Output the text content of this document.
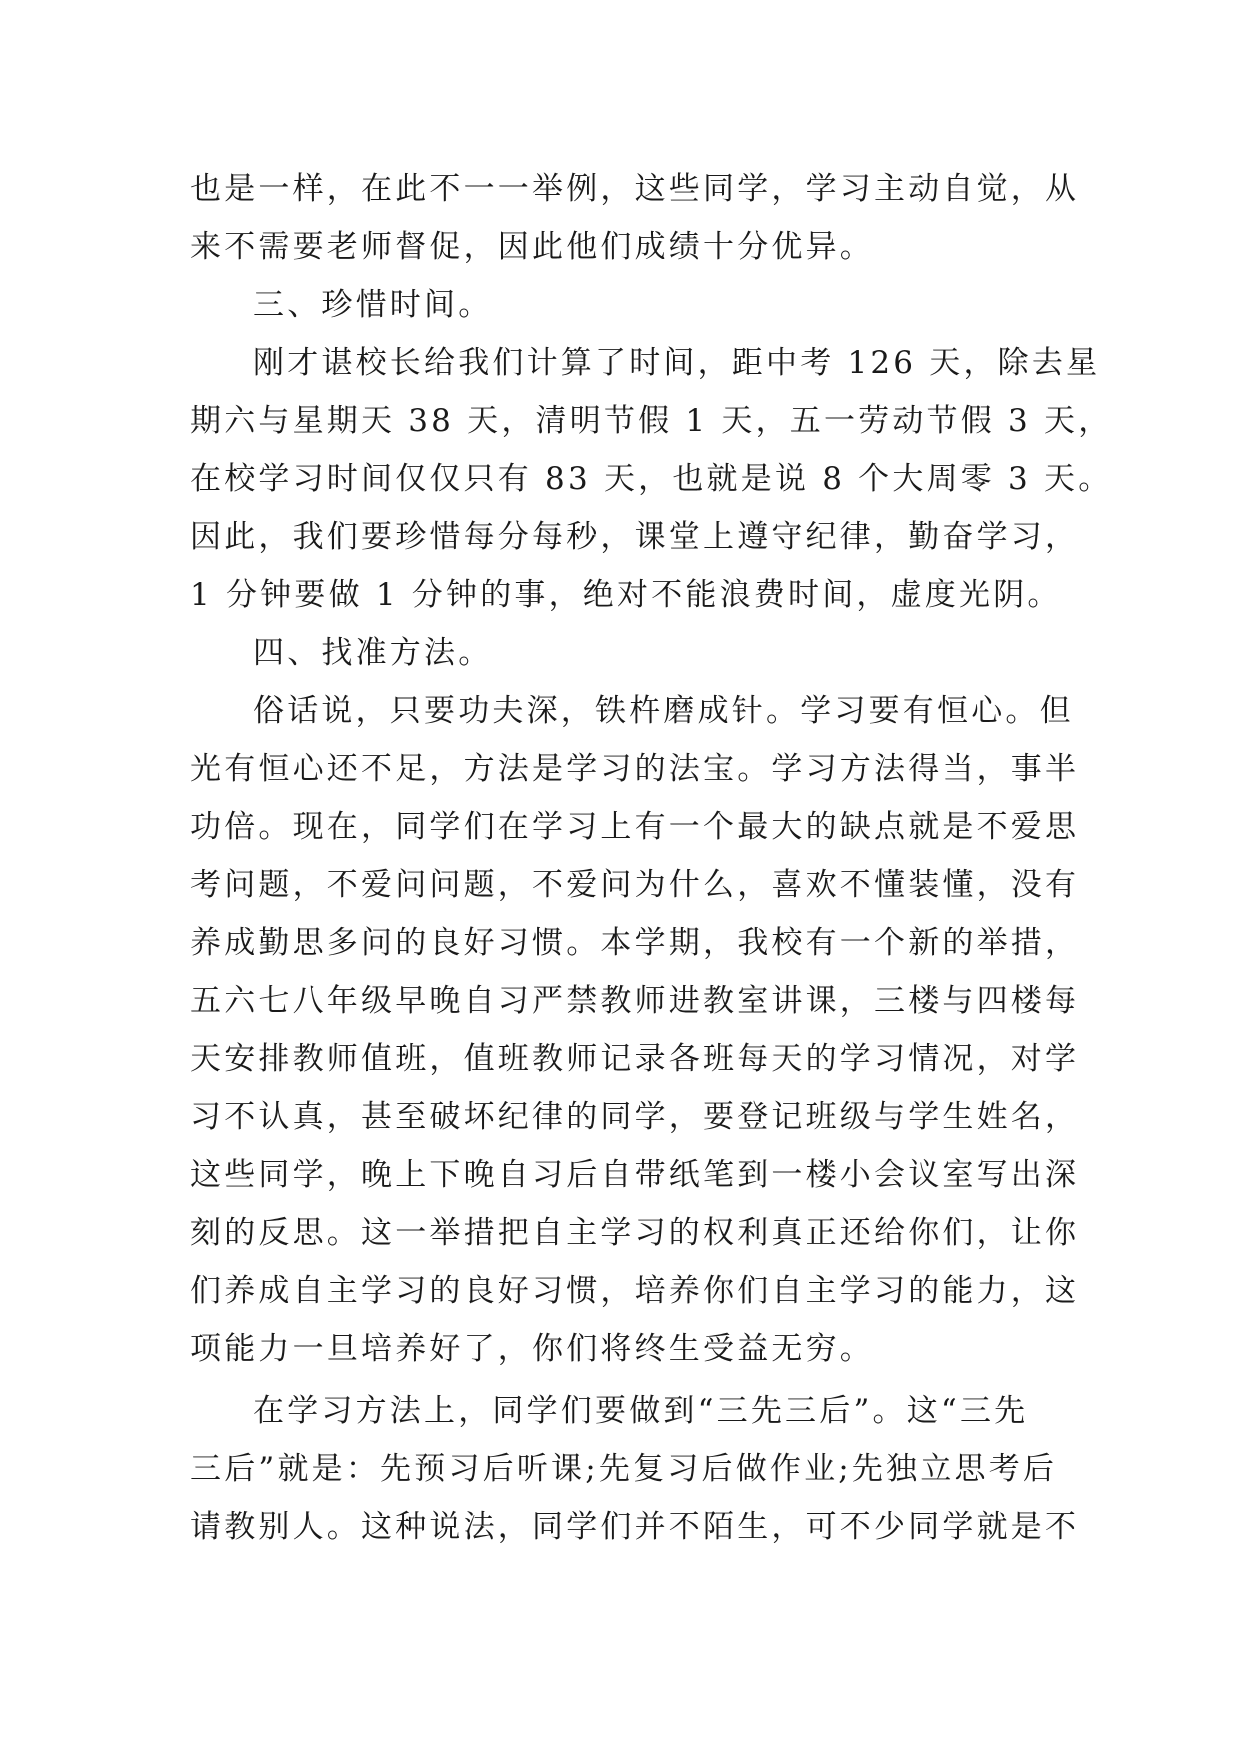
也是一样，在此不一一举例，这些同学，学习主动自觉，从
来不需要老师督促，因此他们成绩十分优异。
三、珍惜时间。
刚才谌校长给我们计算了时间，距中考 126 天，除去星
期六与星期天 38 天，清明节假 1 天，五一劳动节假 3 天，
在校学习时间仅仅只有 83 天，也就是说 8 个大周零 3 天。
因此，我们要珍惜每分每秒，课堂上遵守纪律，勤奋学习，
1 分钟要做 1 分钟的事，绝对不能浪费时间，虚度光阴。
四、找准方法。
俗话说，只要功夫深，铁杵磨成针。学习要有恒心。但
光有恒心还不足，方法是学习的法宝。学习方法得当，事半
功倍。现在，同学们在学习上有一个最大的缺点就是不爱思
考问题，不爱问问题，不爱问为什么，喜欢不懂装懂，没有
养成勤思多问的良好习惯。本学期，我校有一个新的举措，
五六七八年级早晚自习严禁教师进教室讲课，三楼与四楼每
天安排教师值班，值班教师记录各班每天的学习情况，对学
习不认真，甚至破坏纪律的同学，要登记班级与学生姓名，
这些同学，晚上下晚自习后自带纸笔到一楼小会议室写出深
刻的反思。这一举措把自主学习的权利真正还给你们，让你
们养成自主学习的良好习惯，培养你们自主学习的能力，这
项能力一旦培养好了，你们将终生受益无穷。
在学习方法上，同学们要做到“三先三后”。这“三先
三后”就是：先预习后听课;先复习后做作业;先独立思考后
请教别人。这种说法，同学们并不陌生，可不少同学就是不
